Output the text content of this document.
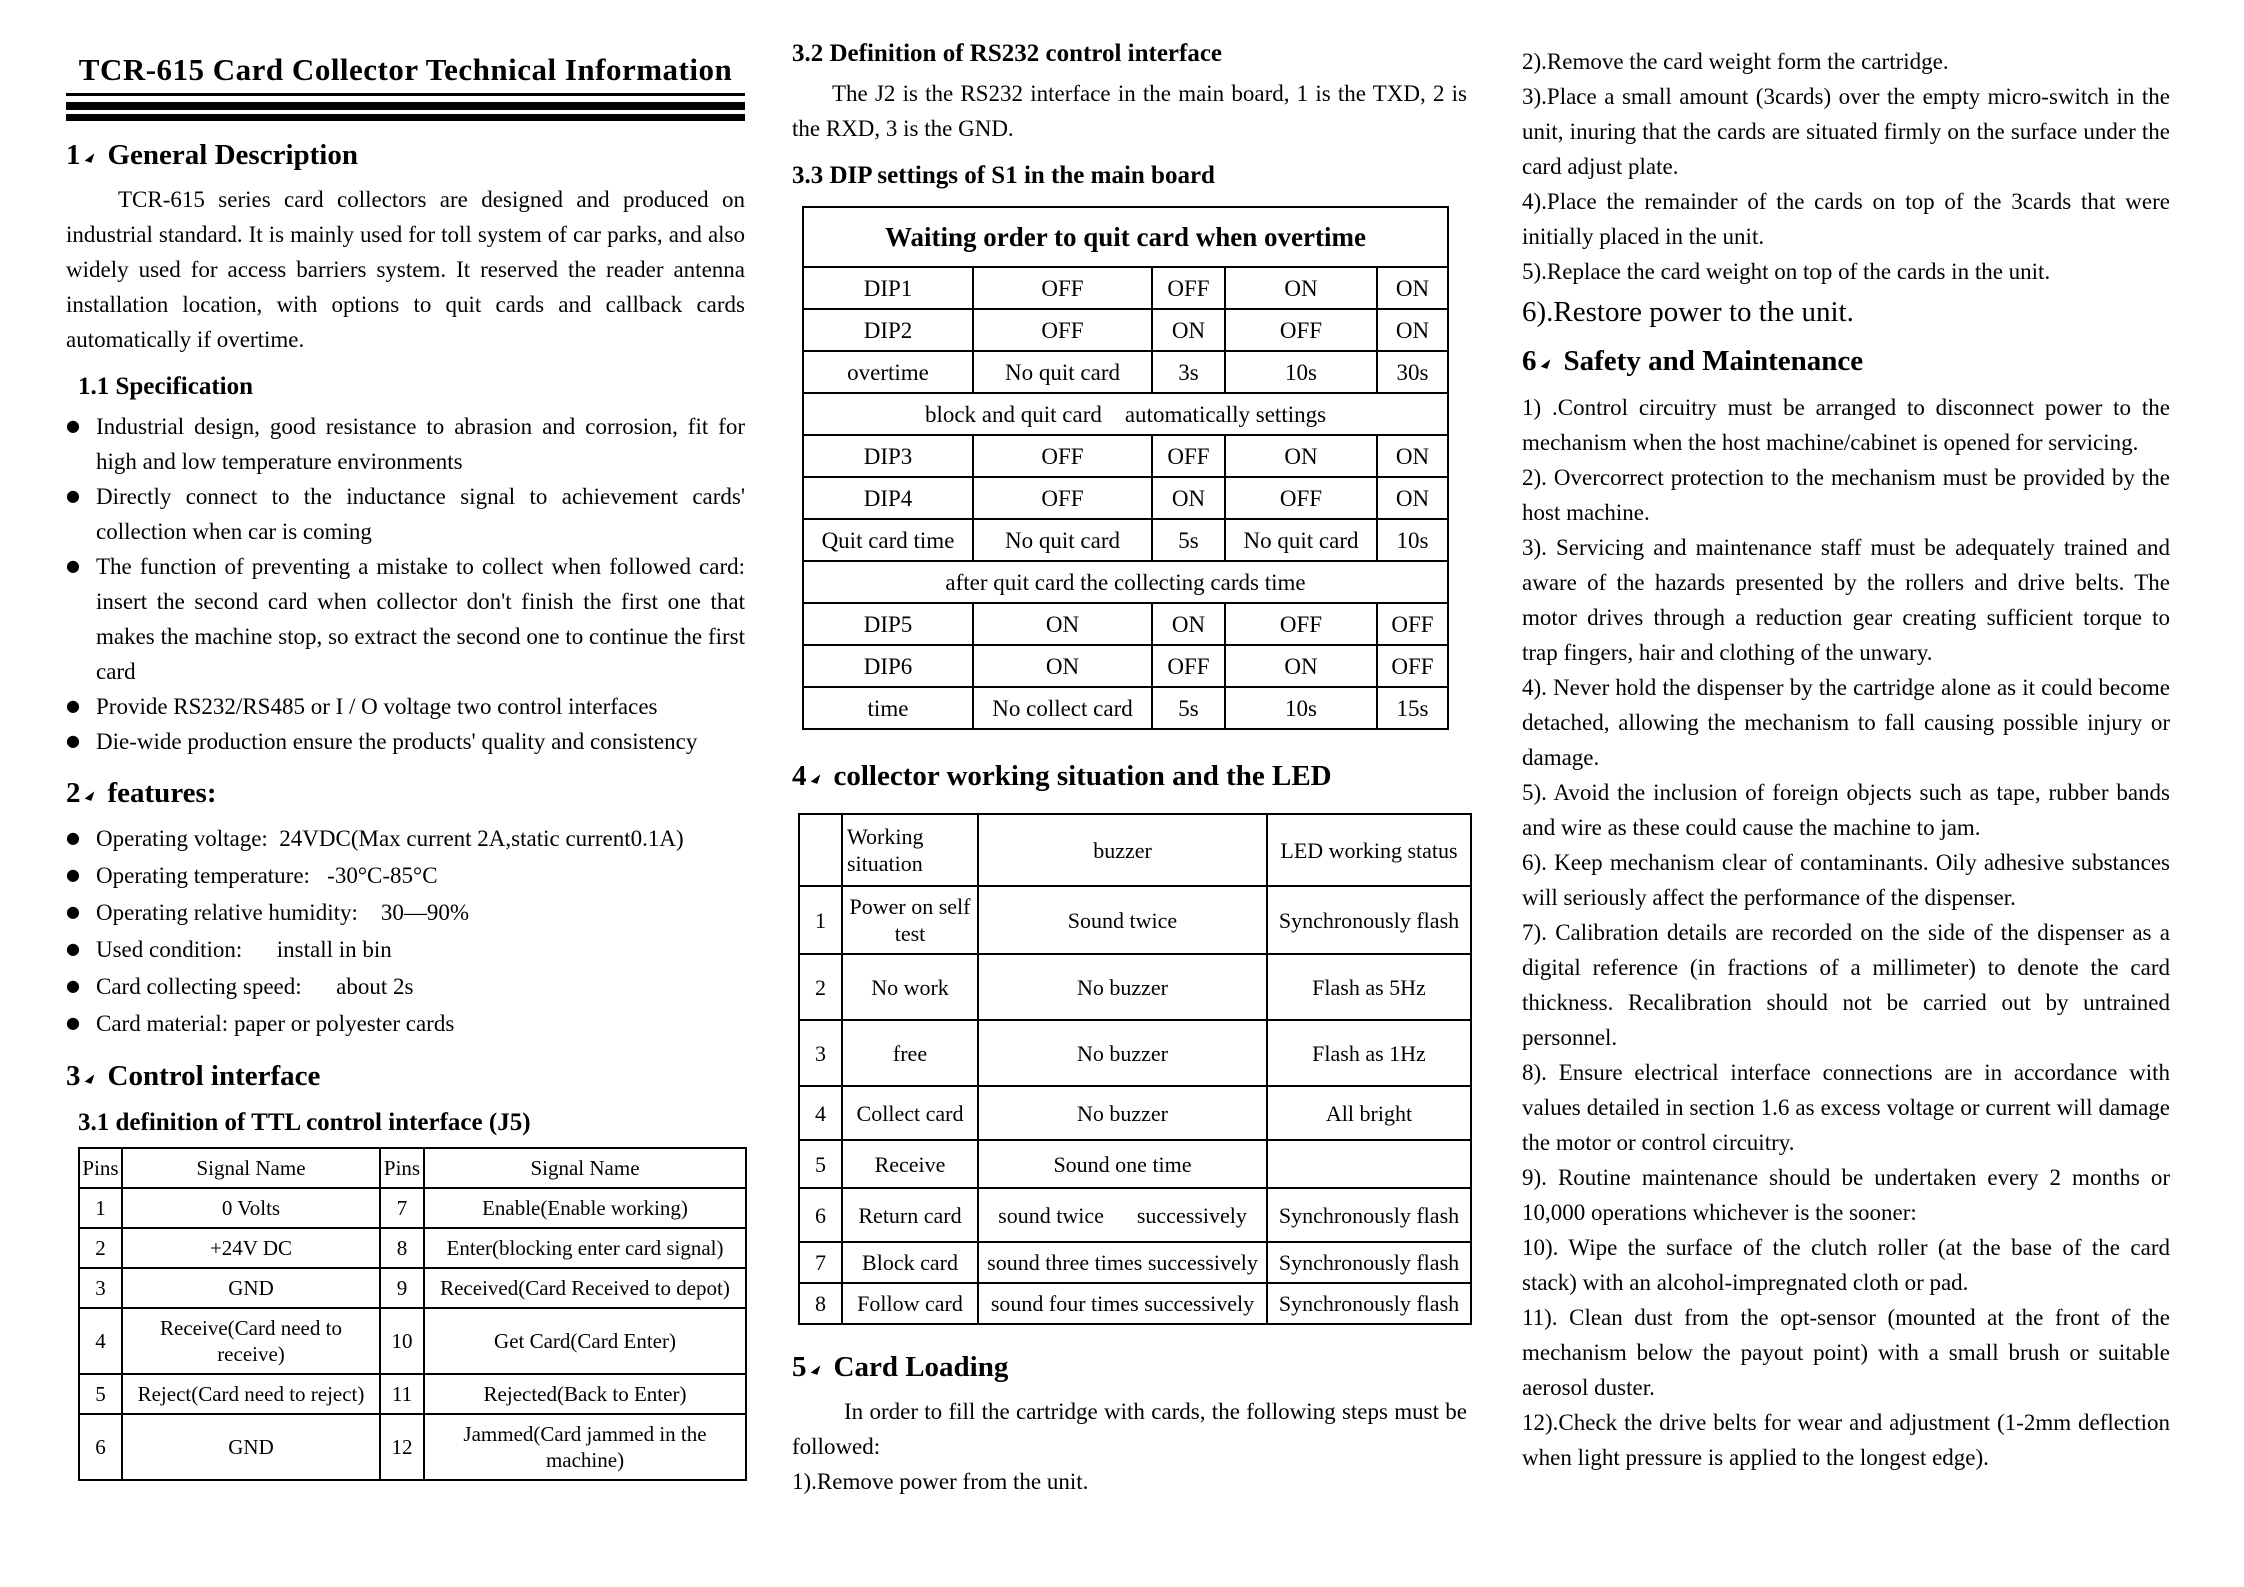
TCR-615 Card Collector Technical Information
1 General Description

TCR-615 series card collectors are designed and produced on industrial standard. It is mainly used for toll system of car parks, and also widely used for access barriers system. It reserved the reader antenna installation location, with options to quit cards and callback cards automatically if overtime.

1.1 Specification
● Industrial design, good resistance to abrasion and corrosion, fit for high and low temperature environments
● Directly connect to the inductance signal to achievement cards' collection when car is coming
● The function of preventing a mistake to collect when followed card: insert the second card when collector don't finish the first one that makes the machine stop, so extract the second one to continue the first card
● Provide RS232/RS485 or I / O voltage two control interfaces
● Die-wide production ensure the products' quality and consistency
2 features:
● Operating voltage:  24VDC(Max current 2A,static current0.1A)
● Operating temperature:   -30°C-85°C
● Operating relative humidity:    30—90%
● Used condition:      install in bin
● Card collecting speed:      about 2s
● Card material: paper or polyester cards
3 Control interface
3.1 definition of TTL control interface (J5)
Pins	Signal Name	Pins	Signal Name
1	0 Volts	7	Enable(Enable working)
2	+24V DC	8	Enter(blocking enter card signal)
3	GND	9	Received(Card Received to depot)
4	Receive(Card need to receive)	10	Get Card(Card Enter)
5	Reject(Card need to reject)	11	Rejected(Back to Enter)
6	GND	12	Jammed(Card jammed in the machine)
3.2 Definition of RS232 control interface

The J2 is the RS232 interface in the main board, 1 is the TXD, 2 is the RXD, 3 is the GND.

3.3 DIP settings of S1 in the main board
Waiting order to quit card when overtime				
DIP1	OFF	OFF	ON	ON
DIP2	OFF	ON	OFF	ON
overtime	No quit card	3s	10s	30s
block and quit card    automatically settings				
DIP3	OFF	OFF	ON	ON
DIP4	OFF	ON	OFF	ON
Quit card time	No quit card	5s	No quit card	10s
after quit card the collecting cards time				
DIP5	ON	ON	OFF	OFF
DIP6	ON	OFF	ON	OFF
time	No collect card	5s	10s	15s
4 collector working situation and the LED
	Working situation	buzzer	LED working status
1	Power on self test	Sound twice	Synchronously flash
2	No work	No buzzer	Flash as 5Hz
3	free	No buzzer	Flash as 1Hz
4	Collect card	No buzzer	All bright
5	Receive	Sound one time	
6	Return card	sound twice      successively	Synchronously flash
7	Block card	sound three times successively	Synchronously flash
8	Follow card	sound four times successively	Synchronously flash
5 Card Loading

In order to fill the cartridge with cards, the following steps must be followed:

1).Remove power from the unit.

2).Remove the card weight form the cartridge.

3).Place a small amount (3cards) over the empty micro-switch in the unit, inuring that the cards are situated firmly on the surface under the card adjust plate.

4).Place the remainder of the cards on top of the 3cards that were initially placed in the unit.

5).Replace the card weight on top of the cards in the unit.

6).Restore power to the unit.

6 Safety and Maintenance

1) .Control circuitry must be arranged to disconnect power to the mechanism when the host machine/cabinet is opened for servicing.

2). Overcorrect protection to the mechanism must be provided by the host machine.

3). Servicing and maintenance staff must be adequately trained and aware of the hazards presented by the rollers and drive belts. The motor drives through a reduction gear creating sufficient torque to trap fingers, hair and clothing of the unwary.

4). Never hold the dispenser by the cartridge alone as it could become detached, allowing the mechanism to fall causing possible injury or damage.

5). Avoid the inclusion of foreign objects such as tape, rubber bands and wire as these could cause the machine to jam.

6). Keep mechanism clear of contaminants. Oily adhesive substances will seriously affect the performance of the dispenser.

7). Calibration details are recorded on the side of the dispenser as a digital reference (in fractions of a millimeter) to denote the card thickness. Recalibration should not be carried out by untrained personnel.

8). Ensure electrical interface connections are in accordance with values detailed in section 1.6 as excess voltage or current will damage the motor or control circuitry.

9). Routine maintenance should be undertaken every 2 months or 10,000 operations whichever is the sooner:

10). Wipe the surface of the clutch roller (at the base of the card stack) with an alcohol-impregnated cloth or pad.

11). Clean dust from the opt-sensor (mounted at the front of the mechanism below the payout point) with a small brush or suitable aerosol duster.

12).Check the drive belts for wear and adjustment (1-2mm deflection when light pressure is applied to the longest edge).
